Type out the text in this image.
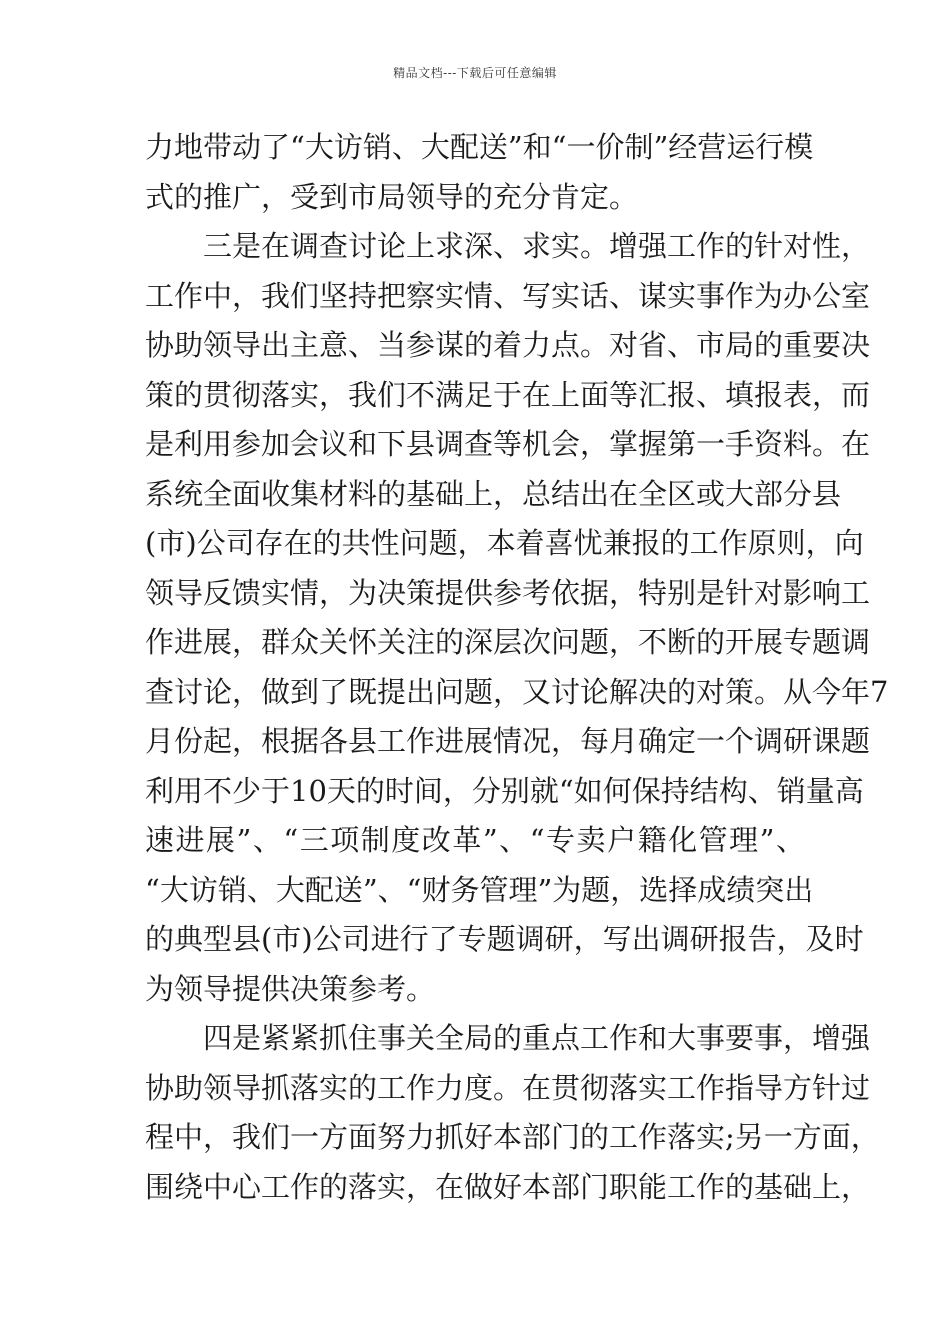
精品文档---下载后可任意编辑
力地带动了“大访销、大配送”和“一价制”经营运行模
式的推广，受到市局领导的充分肯定。
三是在调查讨论上求深、求实。增强工作的针对性，
工作中，我们坚持把察实情、写实话、谋实事作为办公室
协助领导出主意、当参谋的着力点。对省、市局的重要决
策的贯彻落实，我们不满足于在上面等汇报、填报表，而
是利用参加会议和下县调查等机会，掌握第一手资料。在
系统全面收集材料的基础上，总结出在全区或大部分县
(市)公司存在的共性问题，本着喜忧兼报的工作原则，向
领导反馈实情，为决策提供参考依据，特别是针对影响工
作进展，群众关怀关注的深层次问题，不断的开展专题调
查讨论，做到了既提出问题，又讨论解决的对策。从今年7
月份起，根据各县工作进展情况，每月确定一个调研课题
利用不少于10天的时间，分别就“如何保持结构、销量高
速进展”、“三项制度改革”、“专卖户籍化管理”、
“大访销、大配送”、“财务管理”为题，选择成绩突出
的典型县(市)公司进行了专题调研，写出调研报告，及时
为领导提供决策参考。
四是紧紧抓住事关全局的重点工作和大事要事，增强
协助领导抓落实的工作力度。在贯彻落实工作指导方针过
程中，我们一方面努力抓好本部门的工作落实;另一方面，
围绕中心工作的落实，在做好本部门职能工作的基础上，
